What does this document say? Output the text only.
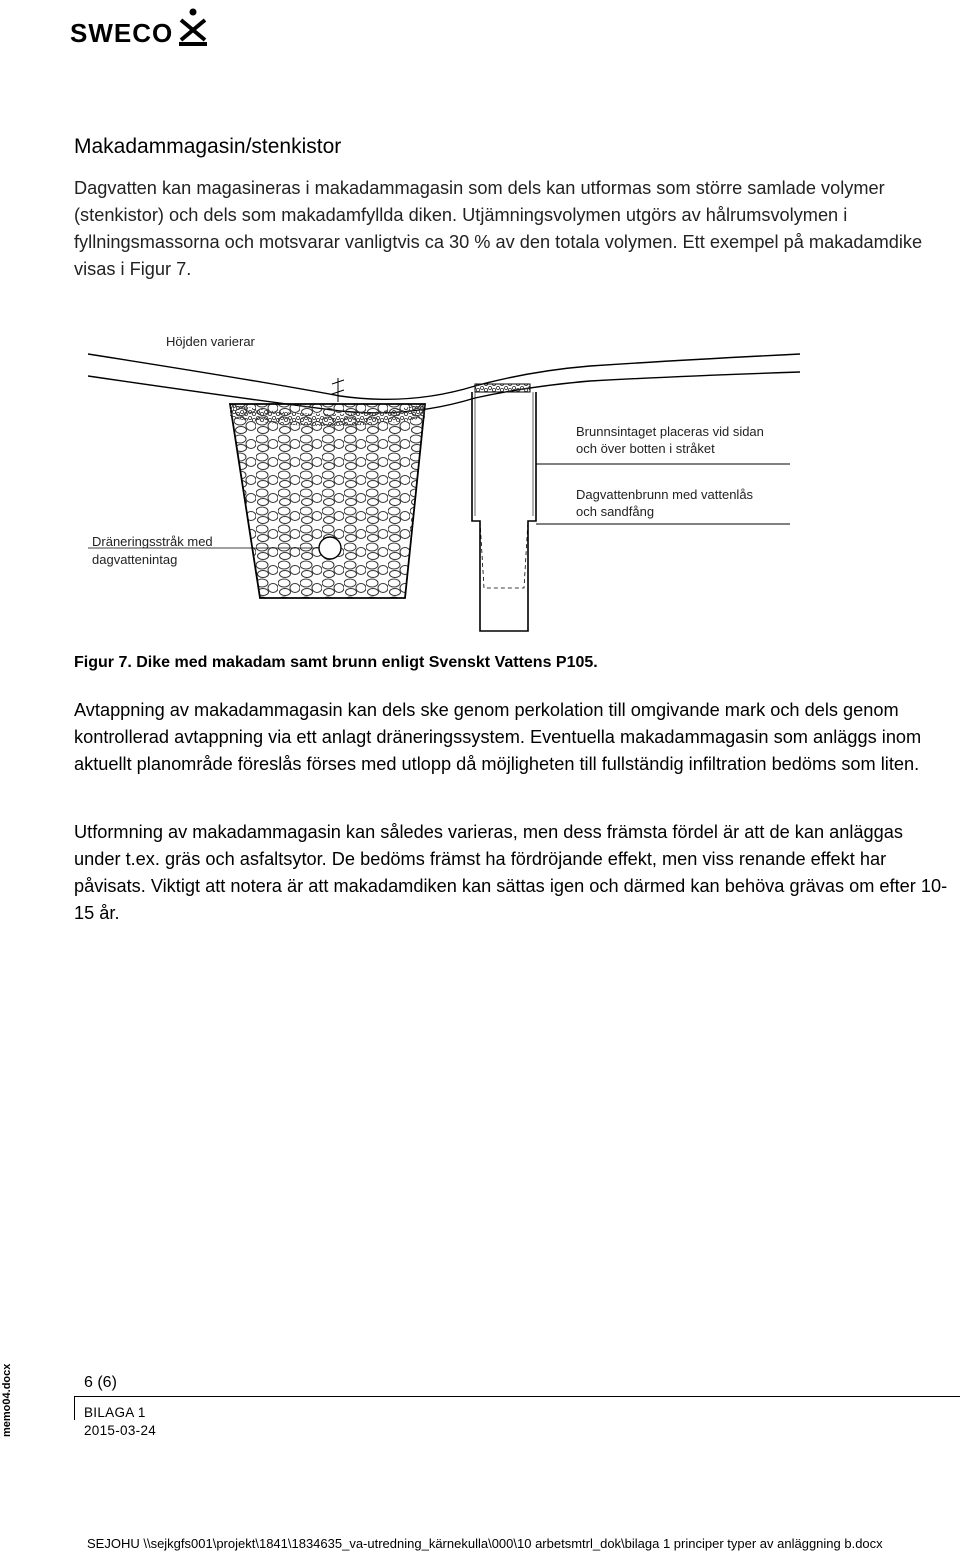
SWECO
Makadammagasin/stenkistor

Dagvatten kan magasineras i makadammagasin som dels kan utformas som större samlade volymer (stenkistor) och dels som makadamfyllda diken. Utjämningsvolymen utgörs av hålrumsvolymen i fyllningsmassorna och motsvarar vanligtvis ca 30 % av den totala volymen. Ett exempel på makadamdike visas i Figur 7.

Höjden varierar
Dräneringsstråk med
dagvattenintag
Brunnsintaget placeras vid sidan
och över botten i stråket
Dagvattenbrunn med vattenlås
och sandfång
Figur 7. Dike med makadam samt brunn enligt Svenskt Vattens P105.

Avtappning av makadammagasin kan dels ske genom perkolation till omgivande mark och dels genom kontrollerad avtappning via ett anlagt dräneringssystem. Eventuella makadammagasin som anläggs inom aktuellt planområde föreslås förses med utlopp då möjligheten till fullständig infiltration bedöms som liten.

Utformning av makadammagasin kan således varieras, men dess främsta fördel är att de kan anläggas under t.ex. gräs och asfaltsytor. De bedöms främst ha fördröjande effekt, men viss renande effekt har påvisats. Viktigt att notera är att makadamdiken kan sättas igen och därmed kan behöva grävas om efter 10-15 år.

6 (6)
BILAGA 1
2015-03-24
memo04.docx
SEJOHU \\sejkgfs001\projekt\1841\1834635_va-utredning_kärnekulla\000\10 arbetsmtrl_dok\bilaga 1 principer typer av anläggning b.docx
